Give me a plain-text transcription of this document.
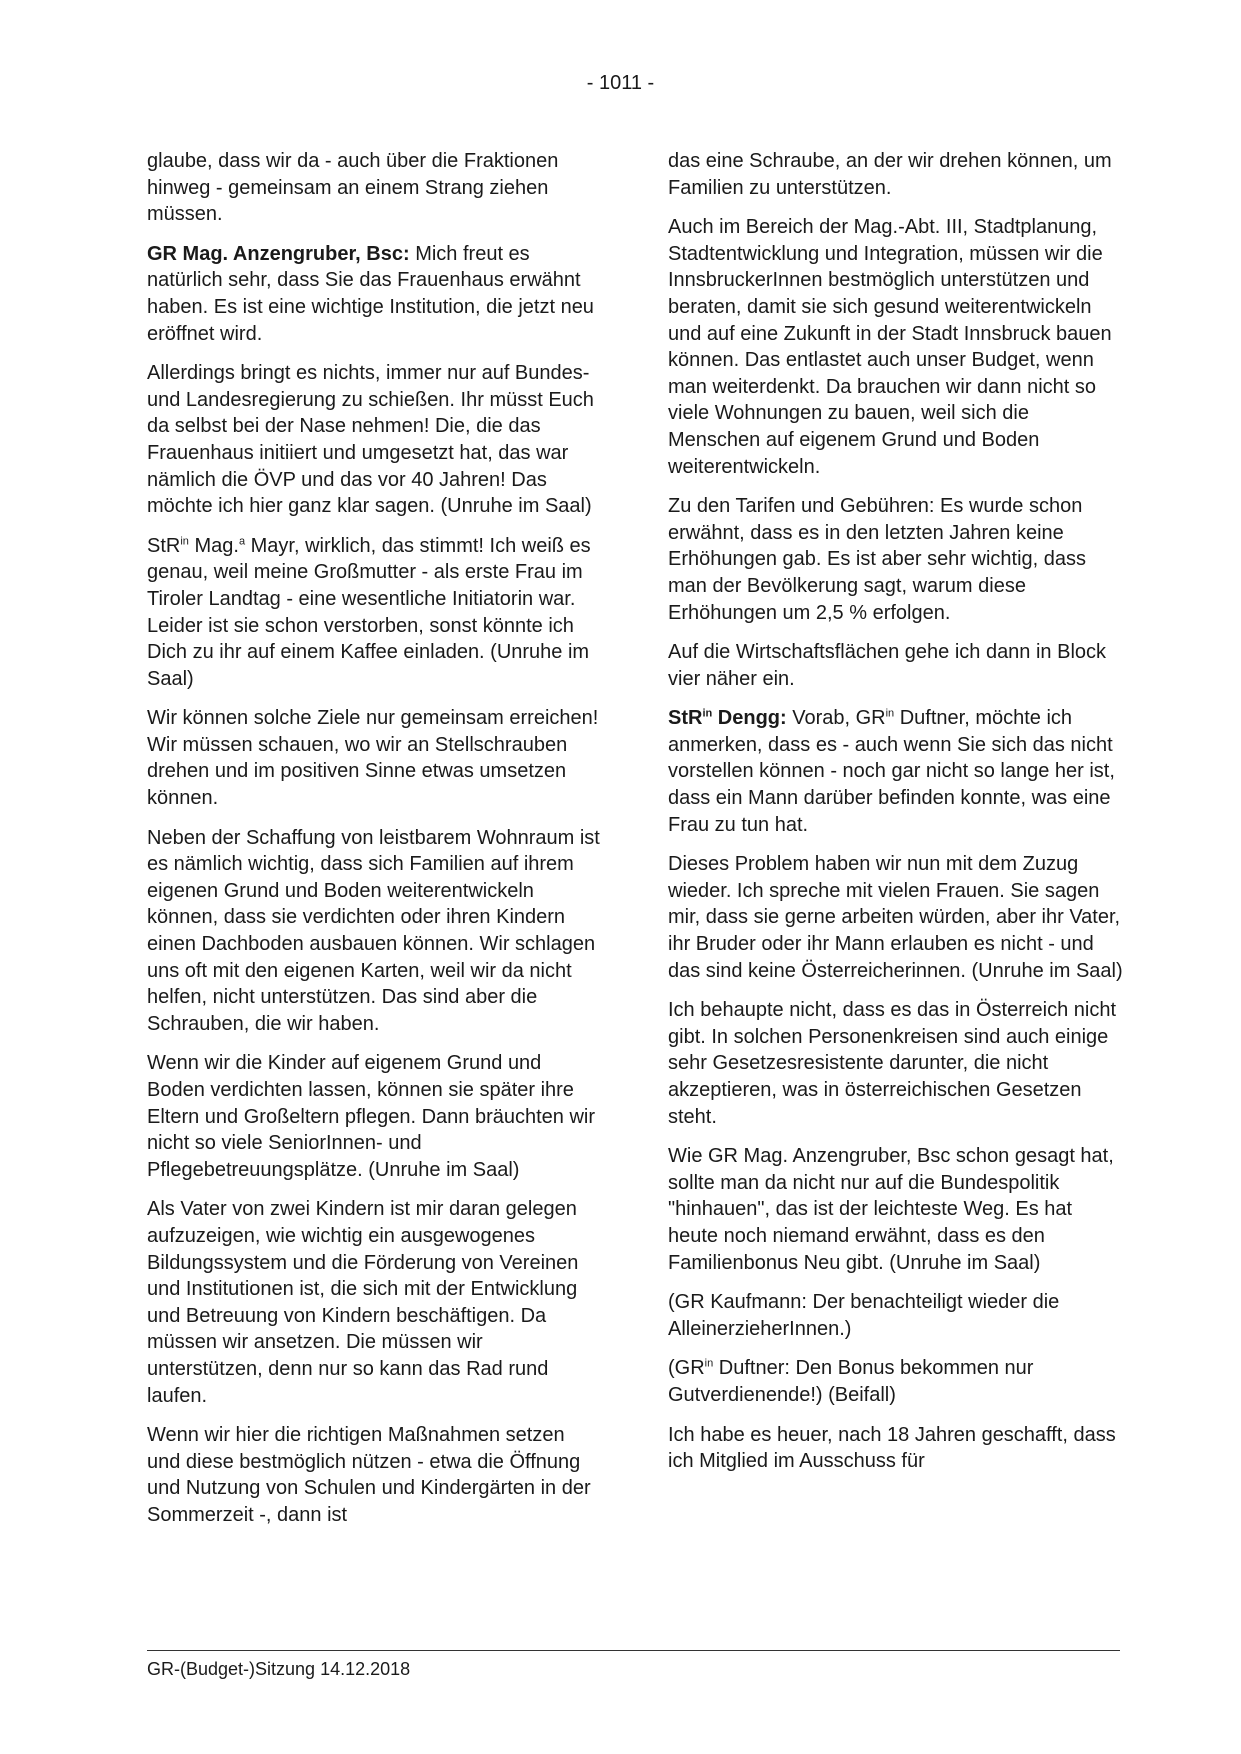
- 1011 -

glaube, dass wir da - auch über die Fraktionen hinweg - gemeinsam an einem Strang ziehen müssen.

GR Mag. Anzengruber, Bsc: Mich freut es natürlich sehr, dass Sie das Frauenhaus erwähnt haben. Es ist eine wichtige Institution, die jetzt neu eröffnet wird.

Allerdings bringt es nichts, immer nur auf Bundes- und Landesregierung zu schießen. Ihr müsst Euch da selbst bei der Nase nehmen! Die, die das Frauenhaus initiiert und umgesetzt hat, das war nämlich die ÖVP und das vor 40 Jahren! Das möchte ich hier ganz klar sagen. (Unruhe im Saal)

StR$^{in}$ Mag.$^a$ Mayr, wirklich, das stimmt! Ich weiß es genau, weil meine Großmutter - als erste Frau im Tiroler Landtag - eine wesentliche Initiatorin war. Leider ist sie schon verstorben, sonst könnte ich Dich zu ihr auf einem Kaffee einladen. (Unruhe im Saal)

Wir können solche Ziele nur gemeinsam erreichen! Wir müssen schauen, wo wir an Stellschrauben drehen und im positiven Sinne etwas umsetzen können.

Neben der Schaffung von leistbarem Wohnraum ist es nämlich wichtig, dass sich Familien auf ihrem eigenen Grund und Boden weiterentwickeln können, dass sie verdichten oder ihren Kindern einen Dachboden ausbauen können. Wir schlagen uns oft mit den eigenen Karten, weil wir da nicht helfen, nicht unterstützen. Das sind aber die Schrauben, die wir haben.

Wenn wir die Kinder auf eigenem Grund und Boden verdichten lassen, können sie später ihre Eltern und Großeltern pflegen. Dann bräuchten wir nicht so viele SeniorInnen- und Pflegebetreuungsplätze. (Unruhe im Saal)

Als Vater von zwei Kindern ist mir daran gelegen aufzuzeigen, wie wichtig ein ausgewogenes Bildungssystem und die Förderung von Vereinen und Institutionen ist, die sich mit der Entwicklung und Betreuung von Kindern beschäftigen. Da müssen wir ansetzen. Die müssen wir unterstützen, denn nur so kann das Rad rund laufen.

Wenn wir hier die richtigen Maßnahmen setzen und diese bestmöglich nützen - etwa die Öffnung und Nutzung von Schulen und Kindergärten in der Sommerzeit -, dann ist

das eine Schraube, an der wir drehen können, um Familien zu unterstützen.

Auch im Bereich der Mag.-Abt. III, Stadtplanung, Stadtentwicklung und Integration, müssen wir die InnsbruckerInnen bestmöglich unterstützen und beraten, damit sie sich gesund weiterentwickeln und auf eine Zukunft in der Stadt Innsbruck bauen können. Das entlastet auch unser Budget, wenn man weiterdenkt. Da brauchen wir dann nicht so viele Wohnungen zu bauen, weil sich die Menschen auf eigenem Grund und Boden weiterentwickeln.

Zu den Tarifen und Gebühren: Es wurde schon erwähnt, dass es in den letzten Jahren keine Erhöhungen gab. Es ist aber sehr wichtig, dass man der Bevölkerung sagt, warum diese Erhöhungen um 2,5 % erfolgen.

Auf die Wirtschaftsflächen gehe ich dann in Block vier näher ein.

StR$^{in}$ Dengg: Vorab, $GR^{in}$ Duftner, möchte ich anmerken, dass es - auch wenn Sie sich das nicht vorstellen können - noch gar nicht so lange her ist, dass ein Mann darüber befinden konnte, was eine Frau zu tun hat.

Dieses Problem haben wir nun mit dem Zuzug wieder. Ich spreche mit vielen Frauen. Sie sagen mir, dass sie gerne arbeiten würden, aber ihr Vater, ihr Bruder oder ihr Mann erlauben es nicht - und das sind keine Österreicherinnen. (Unruhe im Saal)

Ich behaupte nicht, dass es das in Österreich nicht gibt. In solchen Personenkreisen sind auch einige sehr Gesetzesresistente darunter, die nicht akzeptieren, was in österreichischen Gesetzen steht.

Wie GR Mag. Anzengruber, Bsc schon gesagt hat, sollte man da nicht nur auf die Bundespolitik "hinhauen", das ist der leichteste Weg. Es hat heute noch niemand erwähnt, dass es den Familienbonus Neu gibt. (Unruhe im Saal)

(GR Kaufmann: Der benachteiligt wieder die AlleinerzieherInnen.)

($GR^{in}$ Duftner: Den Bonus bekommen nur Gutverdienende!) (Beifall)

Ich habe es heuer, nach 18 Jahren geschafft, dass ich Mitglied im Ausschuss für

GR-(Budget-)Sitzung 14.12.2018
